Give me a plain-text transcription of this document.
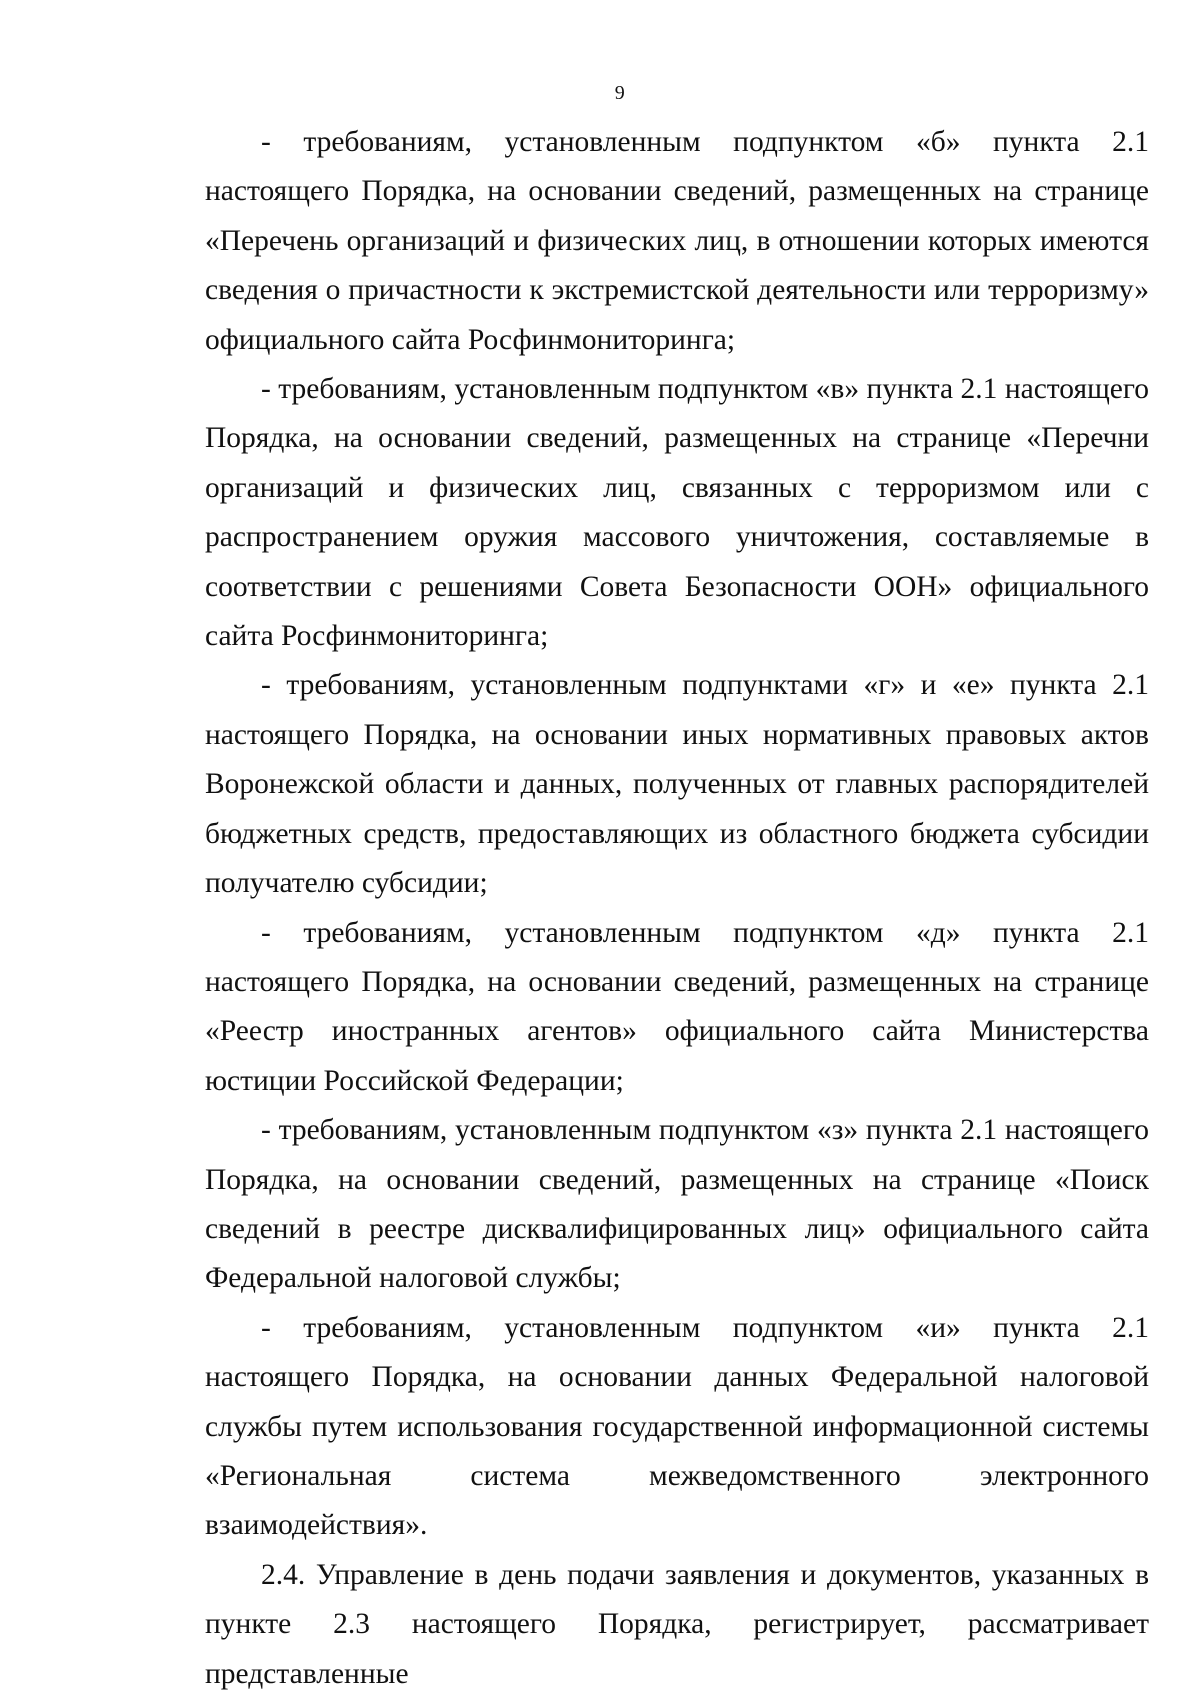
9

- требованиям, установленным подпунктом «б» пункта 2.1 настоящего Порядка, на основании сведений, размещенных на странице «Перечень организаций и физических лиц, в отношении которых имеются сведения о причастности к экстремистской деятельности или терроризму» официального сайта Росфинмониторинга;

- требованиям, установленным подпунктом «в» пункта 2.1 настоящего Порядка, на основании сведений, размещенных на странице «Перечни организаций и физических лиц, связанных с терроризмом или с распространением оружия массового уничтожения, составляемые в соответствии с решениями Совета Безопасности ООН» официального сайта Росфинмониторинга;

- требованиям, установленным подпунктами «г» и «е» пункта 2.1 настоящего Порядка, на основании иных нормативных правовых актов Воронежской области и данных, полученных от главных распорядителей бюджетных средств, предоставляющих из областного бюджета субсидии получателю субсидии;

- требованиям, установленным подпунктом «д» пункта 2.1 настоящего Порядка, на основании сведений, размещенных на странице «Реестр иностранных агентов» официального сайта Министерства юстиции Российской Федерации;

- требованиям, установленным подпунктом «з» пункта 2.1 настоящего Порядка, на основании сведений, размещенных на странице «Поиск сведений в реестре дисквалифицированных лиц» официального сайта Федеральной налоговой службы;

- требованиям, установленным подпунктом «и» пункта 2.1 настоящего Порядка, на основании данных Федеральной налоговой службы путем использования государственной информационной системы «Региональная система межведомственного электронного взаимодействия».

2.4. Управление в день подачи заявления и документов, указанных в пункте 2.3 настоящего Порядка, регистрирует, рассматривает представленные
